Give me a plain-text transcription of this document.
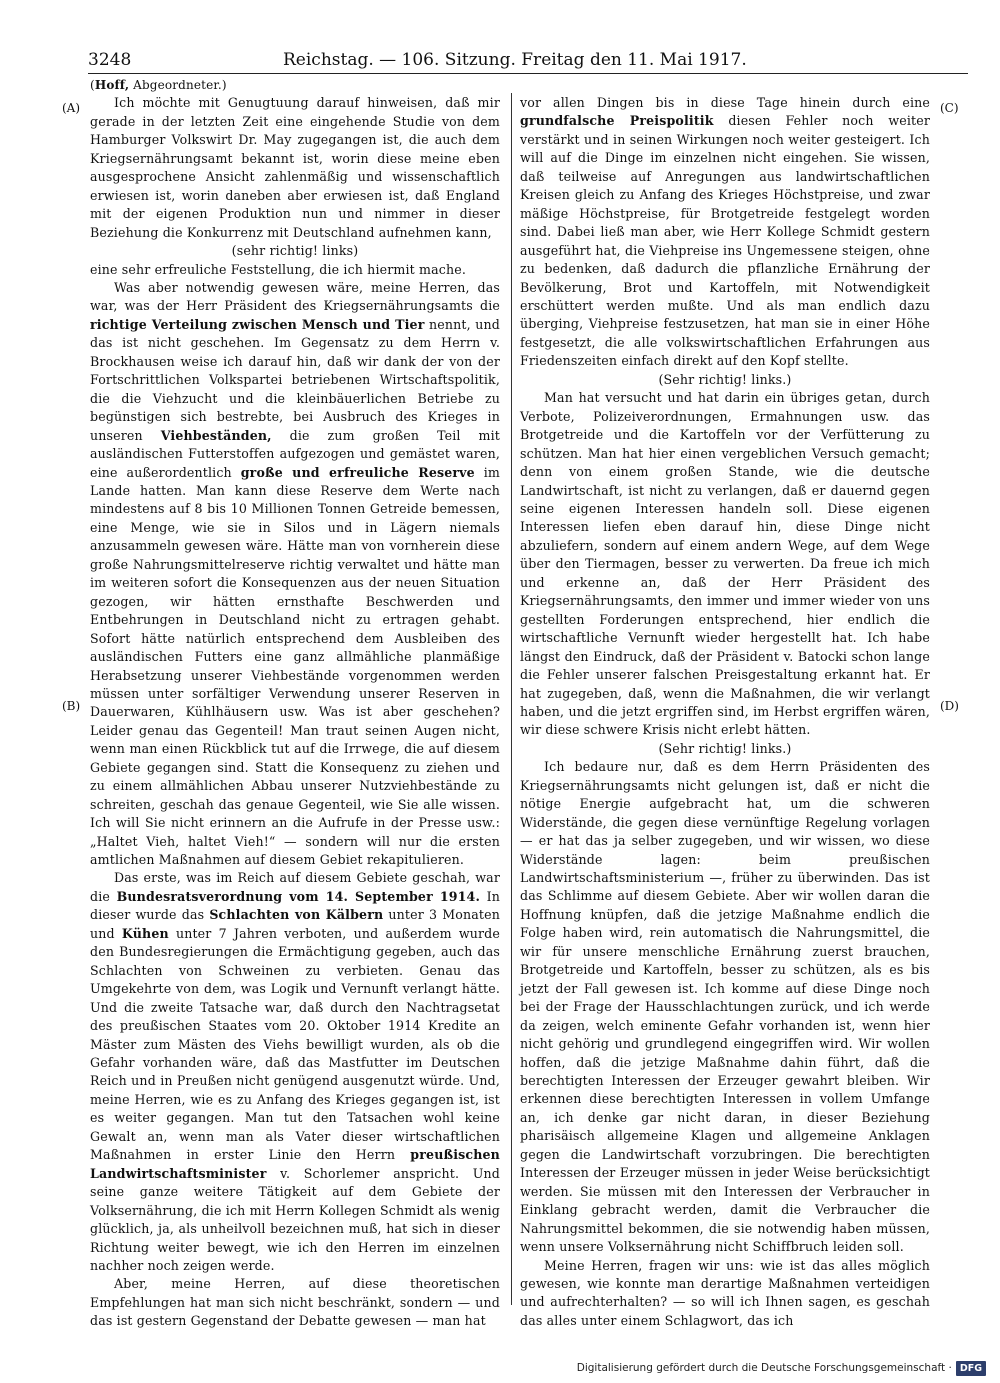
3248	Reichstag. — 106. Sitzung. Freitag den 11. Mai 1917.
(A)
(B)
(C)
(D)

(Hoff, Abgeordneter.)

Ich möchte mit Genugtuung darauf hinweisen, daß mir gerade in der letzten Zeit eine eingehende Studie von dem Hamburger Volkswirt Dr. May zugegangen ist, die auch dem Kriegsernährungsamt bekannt ist, worin diese meine eben ausgesprochene Ansicht zahlenmäßig und wissenschaftlich erwiesen ist, worin daneben aber erwiesen ist, daß England mit der eigenen Produktion nun und nimmer in dieser Beziehung die Konkurrenz mit Deutschland aufnehmen kann,

(sehr richtig! links)

eine sehr erfreuliche Feststellung, die ich hiermit mache.

Was aber notwendig gewesen wäre, meine Herren, das war, was der Herr Präsident des Kriegsernährungsamts die richtige Verteilung zwischen Mensch und Tier nennt, und das ist nicht geschehen. Im Gegensatz zu dem Herrn v. Brockhausen weise ich darauf hin, daß wir dank der von der Fortschrittlichen Volkspartei betriebenen Wirtschaftspolitik, die die Viehzucht und die kleinbäuerlichen Betriebe zu begünstigen sich bestrebte, bei Ausbruch des Krieges in unseren Viehbeständen, die zum großen Teil mit ausländischen Futterstoffen aufgezogen und gemästet waren, eine außerordentlich große und erfreuliche Reserve im Lande hatten. Man kann diese Reserve dem Werte nach mindestens auf 8 bis 10 Millionen Tonnen Getreide bemessen, eine Menge, wie sie in Silos und in Lägern niemals anzusammeln gewesen wäre. Hätte man von vornherein diese große Nahrungsmittelreserve richtig verwaltet und hätte man im weiteren sofort die Konsequenzen aus der neuen Situation gezogen, wir hätten ernsthafte Beschwerden und Entbehrungen in Deutschland nicht zu ertragen gehabt. Sofort hätte natürlich entsprechend dem Ausbleiben des ausländischen Futters eine ganz allmähliche planmäßige Herabsetzung unserer Viehbestände vorgenommen werden müssen unter sorfältiger Verwendung unserer Reserven in Dauerwaren, Kühlhäusern usw. Was ist aber geschehen? Leider genau das Gegenteil! Man traut seinen Augen nicht, wenn man einen Rückblick tut auf die Irrwege, die auf diesem Gebiete gegangen sind. Statt die Konsequenz zu ziehen und zu einem allmählichen Abbau unserer Nutzviehbestände zu schreiten, geschah das genaue Gegenteil, wie Sie alle wissen. Ich will Sie nicht erinnern an die Aufrufe in der Presse usw.: „Haltet Vieh, haltet Vieh!“ — sondern will nur die ersten amtlichen Maßnahmen auf diesem Gebiet rekapitulieren.

Das erste, was im Reich auf diesem Gebiete geschah, war die Bundesratsverordnung vom 14. September 1914. In dieser wurde das Schlachten von Kälbern unter 3 Monaten und Kühen unter 7 Jahren verboten, und außerdem wurde den Bundesregierungen die Ermächtigung gegeben, auch das Schlachten von Schweinen zu verbieten. Genau das Umgekehrte von dem, was Logik und Vernunft verlangt hätte. Und die zweite Tatsache war, daß durch den Nachtragsetat des preußischen Staates vom 20. Oktober 1914 Kredite an Mäster zum Mästen des Viehs bewilligt wurden, als ob die Gefahr vorhanden wäre, daß das Mastfutter im Deutschen Reich und in Preußen nicht genügend ausgenutzt würde. Und, meine Herren, wie es zu Anfang des Krieges gegangen ist, ist es weiter gegangen. Man tut den Tatsachen wohl keine Gewalt an, wenn man als Vater dieser wirtschaftlichen Maßnahmen in erster Linie den Herrn preußischen Landwirtschaftsminister v. Schorlemer anspricht. Und seine ganze weitere Tätigkeit auf dem Gebiete der Volksernährung, die ich mit Herrn Kollegen Schmidt als wenig glücklich, ja, als unheilvoll bezeichnen muß, hat sich in dieser Richtung weiter bewegt, wie ich den Herren im einzelnen nachher noch zeigen werde.

Aber, meine Herren, auf diese theoretischen Empfehlungen hat man sich nicht beschränkt, sondern — und das ist gestern Gegenstand der Debatte gewesen — man hat

vor allen Dingen bis in diese Tage hinein durch eine grundfalsche Preispolitik diesen Fehler noch weiter verstärkt und in seinen Wirkungen noch weiter gesteigert. Ich will auf die Dinge im einzelnen nicht eingehen. Sie wissen, daß teilweise auf Anregungen aus landwirtschaftlichen Kreisen gleich zu Anfang des Krieges Höchstpreise, und zwar mäßige Höchstpreise, für Brotgetreide festgelegt worden sind. Dabei ließ man aber, wie Herr Kollege Schmidt gestern ausgeführt hat, die Viehpreise ins Ungemessene steigen, ohne zu bedenken, daß dadurch die pflanzliche Ernährung der Bevölkerung, Brot und Kartoffeln, mit Notwendigkeit erschüttert werden mußte. Und als man endlich dazu überging, Viehpreise festzusetzen, hat man sie in einer Höhe festgesetzt, die alle volkswirtschaftlichen Erfahrungen aus Friedenszeiten einfach direkt auf den Kopf stellte.

(Sehr richtig! links.)

Man hat versucht und hat darin ein übriges getan, durch Verbote, Polizeiverordnungen, Ermahnungen usw. das Brotgetreide und die Kartoffeln vor der Verfütterung zu schützen. Man hat hier einen vergeblichen Versuch gemacht; denn von einem großen Stande, wie die deutsche Landwirtschaft, ist nicht zu verlangen, daß er dauernd gegen seine eigenen Interessen handeln soll. Diese eigenen Interessen liefen eben darauf hin, diese Dinge nicht abzuliefern, sondern auf einem andern Wege, auf dem Wege über den Tiermagen, besser zu verwerten. Da freue ich mich und erkenne an, daß der Herr Präsident des Kriegsernährungsamts, den immer und immer wieder von uns gestellten Forderungen entsprechend, hier endlich die wirtschaftliche Vernunft wieder hergestellt hat. Ich habe längst den Eindruck, daß der Präsident v. Batocki schon lange die Fehler unserer falschen Preisgestaltung erkannt hat. Er hat zugegeben, daß, wenn die Maßnahmen, die wir verlangt haben, und die jetzt ergriffen sind, im Herbst ergriffen wären, wir diese schwere Krisis nicht erlebt hätten.

(Sehr richtig! links.)

Ich bedaure nur, daß es dem Herrn Präsidenten des Kriegsernährungsamts nicht gelungen ist, daß er nicht die nötige Energie aufgebracht hat, um die schweren Widerstände, die gegen diese vernünftige Regelung vorlagen — er hat das ja selber zugegeben, und wir wissen, wo diese Widerstände lagen: beim preußischen Landwirtschaftsministerium —, früher zu überwinden. Das ist das Schlimme auf diesem Gebiete. Aber wir wollen daran die Hoffnung knüpfen, daß die jetzige Maßnahme endlich die Folge haben wird, rein automatisch die Nahrungsmittel, die wir für unsere menschliche Ernährung zuerst brauchen, Brotgetreide und Kartoffeln, besser zu schützen, als es bis jetzt der Fall gewesen ist. Ich komme auf diese Dinge noch bei der Frage der Hausschlachtungen zurück, und ich werde da zeigen, welch eminente Gefahr vorhanden ist, wenn hier nicht gehörig und grundlegend eingegriffen wird. Wir wollen hoffen, daß die jetzige Maßnahme dahin führt, daß die berechtigten Interessen der Erzeuger gewahrt bleiben. Wir erkennen diese berechtigten Interessen in vollem Umfange an, ich denke gar nicht daran, in dieser Beziehung pharisäisch allgemeine Klagen und allgemeine Anklagen gegen die Landwirtschaft vorzubringen. Die berechtigten Interessen der Erzeuger müssen in jeder Weise berücksichtigt werden. Sie müssen mit den Interessen der Verbraucher in Einklang gebracht werden, damit die Verbraucher die Nahrungsmittel bekommen, die sie notwendig haben müssen, wenn unsere Volksernährung nicht Schiffbruch leiden soll.

Meine Herren, fragen wir uns: wie ist das alles möglich gewesen, wie konnte man derartige Maßnahmen verteidigen und aufrechterhalten? — so will ich Ihnen sagen, es geschah das alles unter einem Schlagwort, das ich

Digitalisierung gefördert durch die Deutsche Forschungsgemeinschaft · DFG
